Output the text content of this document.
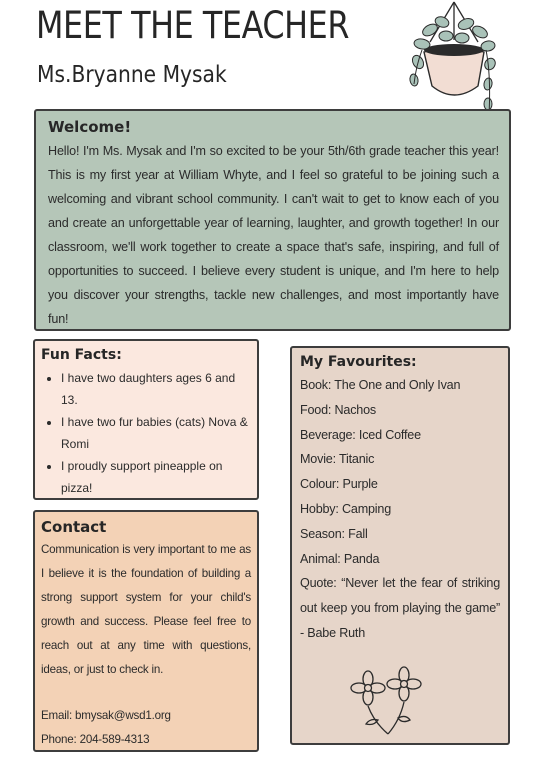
MEET THE TEACHER
Ms.Bryanne Mysak
Welcome!

Hello! I'm Ms. Mysak and I'm so excited to be your 5th/6th grade teacher this year! This is my first year at William Whyte, and I feel so grateful to be joining such a welcoming and vibrant school community. I can't wait to get to know each of you and create an unforgettable year of learning, laughter, and growth together! In our classroom, we'll work together to create a space that's safe, inspiring, and full of opportunities to succeed. I believe every student is unique, and I'm here to help you discover your strengths, tackle new challenges, and most importantly have fun!

Fun Facts:
• I have two daughters ages 6 and 13.
• I have two fur babies (cats) Nova & Romi
• I proudly support pineapple on pizza!
Contact

Communication is very important to me as I believe it is the foundation of building a strong support system for your child's growth and success. Please feel free to reach out at any time with questions, ideas, or just to check in.

Email: bmysak@wsd1.org

Phone: 204-589-4313

My Favourites:

Book: The One and Only Ivan

Food: Nachos

Beverage: Iced Coffee

Movie: Titanic

Colour: Purple

Hobby: Camping

Season: Fall

Animal: Panda

Quote: “Never let the fear of striking out keep you from playing the game” - Babe Ruth
